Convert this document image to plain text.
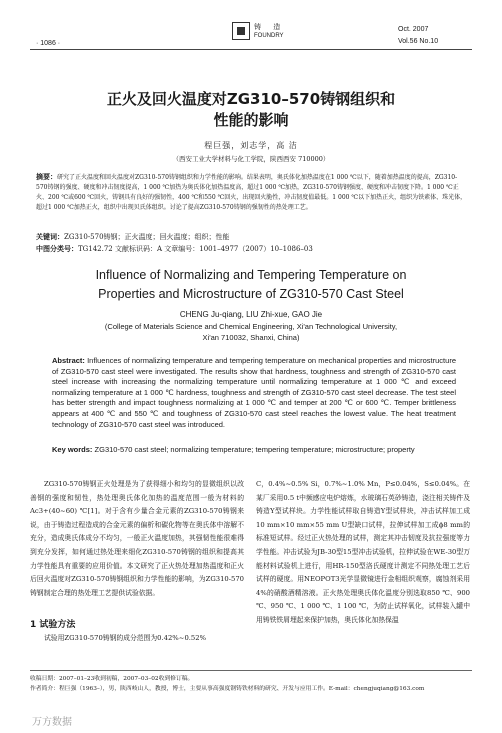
· 1086 ·
铸 造
FOUNDRY
Oct. 2007
Vol.56 No.10
正火及回火温度对ZG310–570铸钢组织和
性能的影响
程巨强，刘志学，高 洁
（西安工业大学材料与化工学院，陕西西安 710000）
摘要：研究了正火温度和回火温度对ZG310-570铸钢组织和力学性能的影响。结果表明，奥氏体化加热温度在1 000 ℃以下，随着加热温度的提高，ZG310-570铸钢的强度、硬度和冲击韧度提高，1 000 ℃加热为奥氏体化加热温度高，超过1 000 ℃加热，ZG310-570铸钢强度、硬度和冲击韧度下降。1 000 ℃正火、200 ℃或600 ℃回火，铸钢具有良好的强韧性，400 ℃和550 ℃回火，出现回火脆性，冲击韧度值最低。1 000 ℃以下加热正火，组织为铁素体、珠光体，超过1 000 ℃加热正火，组织中出现贝氏体组织。讨论了提高ZG310-570铸钢的强韧性的热处理工艺。
关键词：ZG310-570铸钢；正火温度；回火温度；组织；性能
中图分类号：TG142.72 文献标识码：A 文章编号：1001–4977（2007）10–1086–03
Influence of Normalizing and Tempering Temperature on
Properties and Microstructure of ZG310-570 Cast Steel
CHENG Ju-qiang, LIU Zhi-xue, GAO Jie
(College of Materials Science and Chemical Engineering, Xi'an Technological University,
Xi'an 710032, Shanxi, China)
Abstract: Influences of normalizing temperature and tempering temperature on mechanical properties and microstructure of ZG310-570 cast steel were investigated. The results show that hardness, toughness and strength of ZG310-570 cast steel increase with increasing the normalizing temperature until normalizing temperature at 1 000 ℃ and exceed normalizing temperature at 1 000 ℃ hardness, toughness and strength of ZG310-570 cast steel decrease. The test steel has better strength and impact toughness normalizing at 1 000 ℃ and temper at 200 ℃ or 600 ℃. Temper brittleness appears at 400 ℃ and 550 ℃ and toughness of ZG310-570 cast steel reaches the lowest value. The heat treatment technology of ZG310-570 cast steel was introduced.
Key words: ZG310-570 cast steel; normalizing temperature; tempering temperature; microstructure; property
ZG310-570铸钢正火处理是为了获得细小和均匀的显微组织以改善钢的强度和韧性，热处理奥氏体化加热的温度范围一般为材料的Ac3+(40~60) ℃[1]。对于含有少量合金元素的ZG310-570铸钢来说，由于铸造过程造成的合金元素的偏析和碳化物等在奥氏体中溶解不充分，造成奥氏体成分不均匀，一般正火温度加热，其强韧性能很难得到充分发挥，如何通过热处理来细化ZG310-570铸钢的组织和提高其力学性能具有重要的应用价值。本文研究了正火热处理加热温度和正火后回火温度对ZG310-570铸钢组织和力学性能的影响，为ZG310-570铸钢制定合理的热处理工艺提供试验依据。
1 试验方法
试验用ZG310-570铸钢的成分范围为0.42%~0.52%
C，0.4%~0.5% Si，0.7%~1.0% Mn，P≤0.04%，S≤0.04%。在某厂采用0.5 t中频感应电炉熔炼，水玻璃石英砂铸造，浇注相关铸件及铸造Y型试样块。力学性能试样取自铸造Y型试样块，冲击试样加工成10 mm×10 mm×55 mm U型缺口试样，拉伸试样加工成ϕ8 mm的标准短试样。经过正火热处理的试样，测定其冲击韧度及抗拉强度等力学性能。冲击试验为JB-30型15型冲击试验机，拉伸试验在WE-30型万能材料试验机上进行，用HR-150型洛氏硬度计测定不同热处理工艺后试样的硬度。用NEOPOT3光学显微镜进行金相组织观察，腐蚀剂采用4%的硝酸酒精溶液。正火热处理奥氏体化温度分别选取850 ℃、900 ℃、950 ℃、1 000 ℃、1 100 ℃，为防止试样氧化，试样装入罐中用铸铁铁屑埋起来保护加热，奥氏体化加热保温
收稿日期：2007–01–23收到初稿，2007–03–02收到修订稿。
作者简介：程巨强（1963–），男，陕西岐山人，教授，博士，主要从事高强度钢铸铁材料的研究、开发与应用工作。E-mail：chengjuqiang@163.com
万方数据
